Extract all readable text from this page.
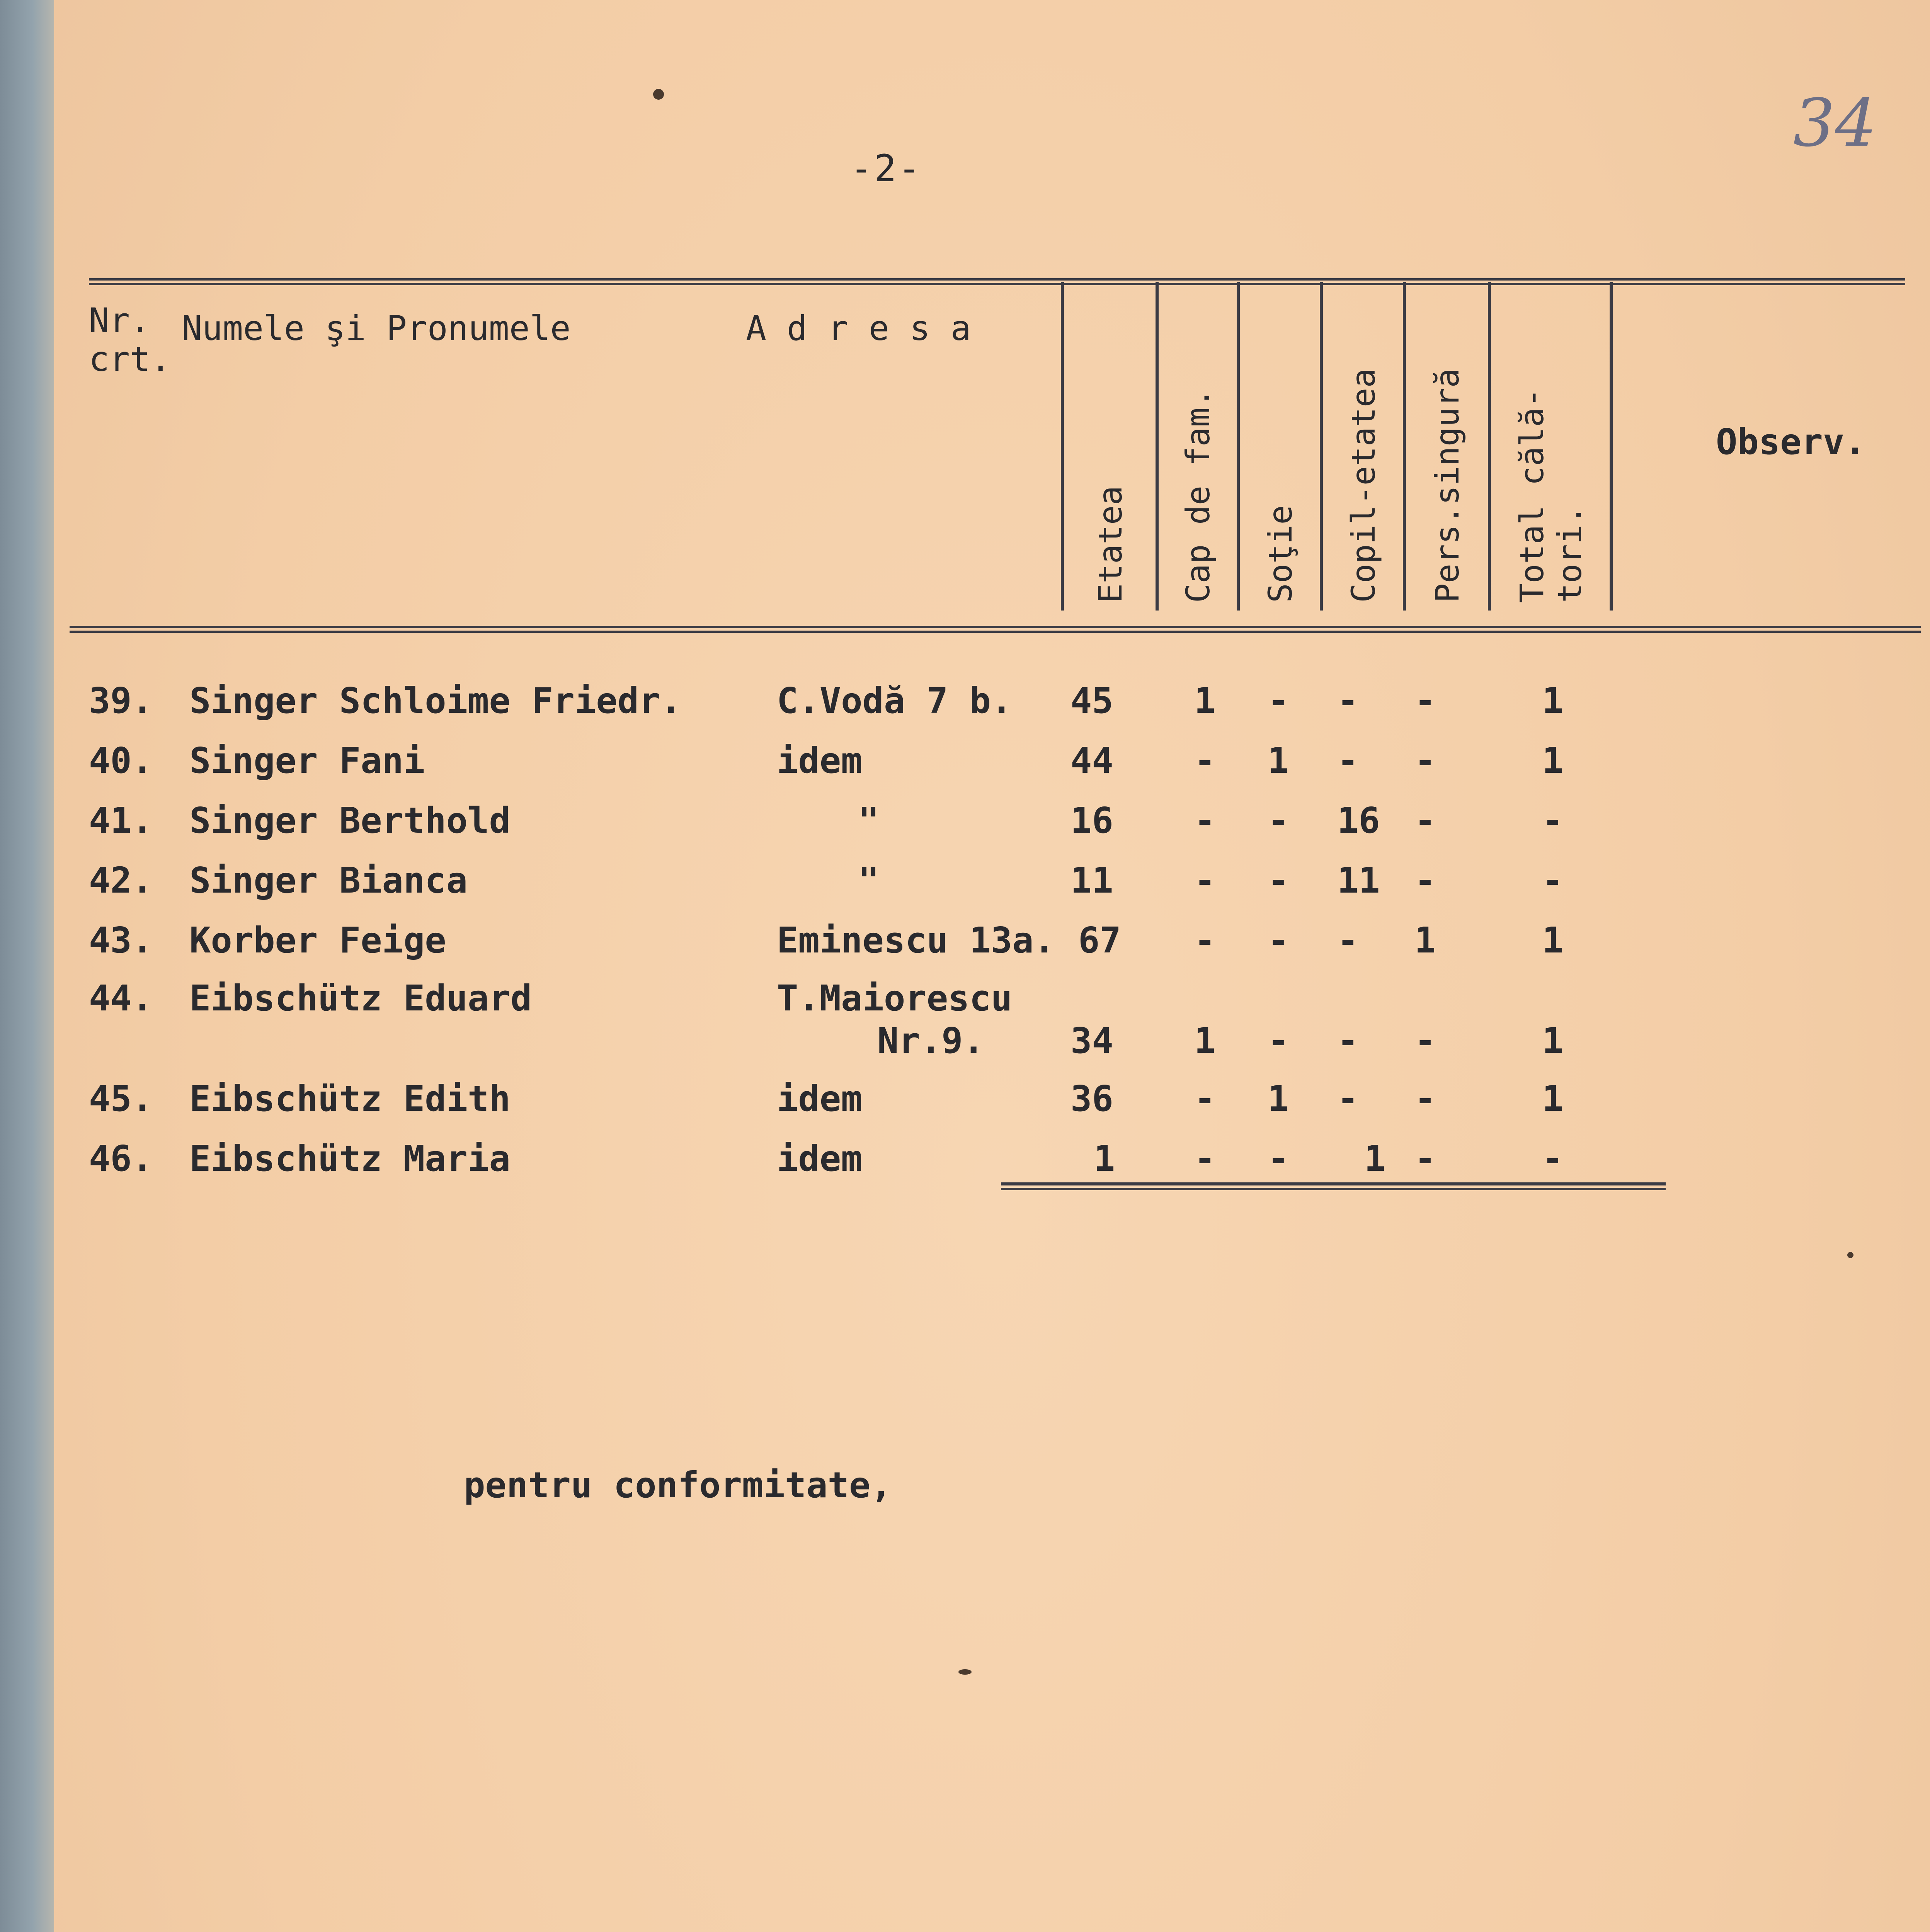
-2-
34
Nr.
crt.
Numele şi Pronumele	A d r e s a
Etatea Cap de fam. Soţie Copil-etatea Pers.singură Total călă- tori.
Observ.
39. Singer Schloime Friedr.	C.Vodă 7 b. 45 1 - - -	1
40. Singer Fani	idem	44 - 1 - -	1
41. Singer Berthold	"	16 - - 16 -	-
42. Singer Bianca	"	11 - - 11 -	-
43. Korber Feige	Eminescu 13a. 67 - - - 1	1
44. Eibschütz Eduard	T.Maiorescu
Nr.9. 34 1 - - -	1
45. Eibschütz Edith	idem	36 - 1 - -	1
46. Eibschütz Maria	idem	1 - - 1 -	-
pentru conformitate,
